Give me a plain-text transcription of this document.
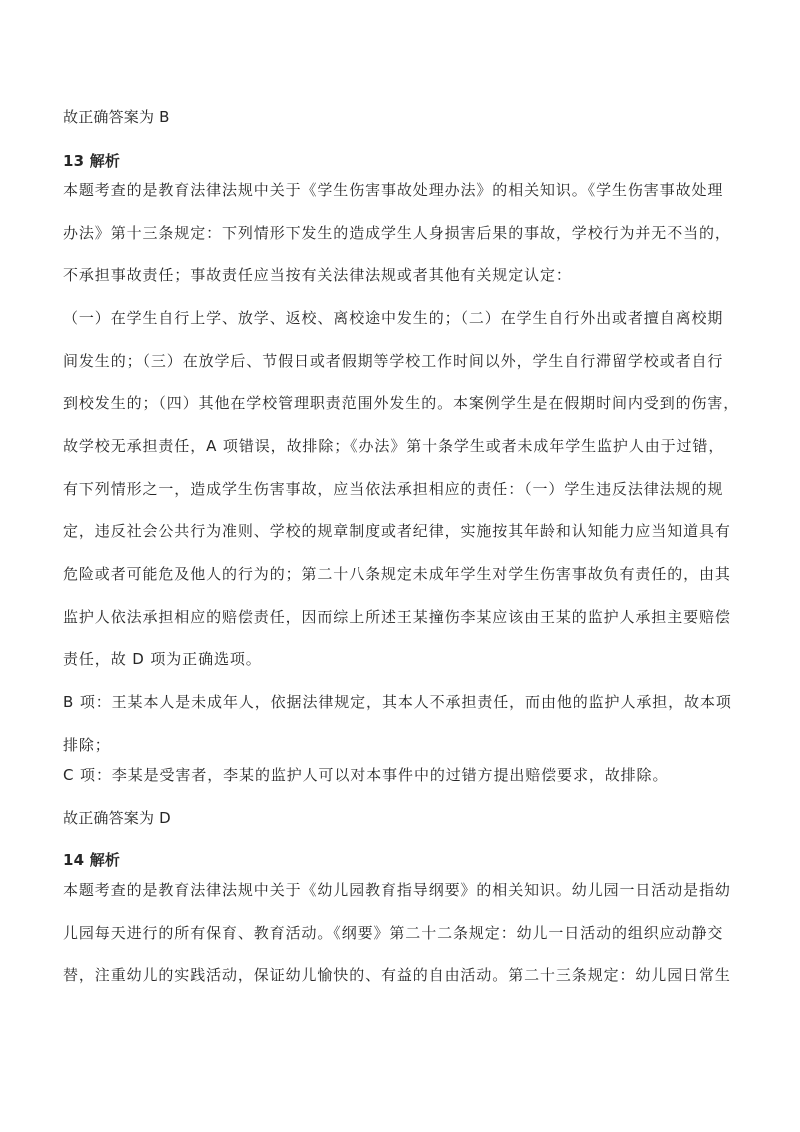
故正确答案为 B
13 解析
本题考查的是教育法律法规中关于《学生伤害事故处理办法》的相关知识。《学生伤害事故处理
办法》第十三条规定：下列情形下发生的造成学生人身损害后果的事故，学校行为并无不当的，
不承担事故责任；事故责任应当按有关法律法规或者其他有关规定认定：
（一）在学生自行上学、放学、返校、离校途中发生的；（二）在学生自行外出或者擅自离校期
间发生的；（三）在放学后、节假日或者假期等学校工作时间以外，学生自行滞留学校或者自行
到校发生的；（四）其他在学校管理职责范围外发生的。本案例学生是在假期时间内受到的伤害，
故学校无承担责任，A 项错误，故排除；《办法》第十条学生或者未成年学生监护人由于过错，
有下列情形之一，造成学生伤害事故，应当依法承担相应的责任：（一）学生违反法律法规的规
定，违反社会公共行为准则、学校的规章制度或者纪律，实施按其年龄和认知能力应当知道具有
危险或者可能危及他人的行为的；第二十八条规定未成年学生对学生伤害事故负有责任的，由其
监护人依法承担相应的赔偿责任，因而综上所述王某撞伤李某应该由王某的监护人承担主要赔偿
责任，故 D 项为正确选项。
B 项：王某本人是未成年人，依据法律规定，其本人不承担责任，而由他的监护人承担，故本项
排除；
C 项：李某是受害者，李某的监护人可以对本事件中的过错方提出赔偿要求，故排除。
故正确答案为 D
14 解析
本题考查的是教育法律法规中关于《幼儿园教育指导纲要》的相关知识。幼儿园一日活动是指幼
儿园每天进行的所有保育、教育活动。《纲要》第二十二条规定：幼儿一日活动的组织应动静交
替，注重幼儿的实践活动，保证幼儿愉快的、有益的自由活动。第二十三条规定：幼儿园日常生
